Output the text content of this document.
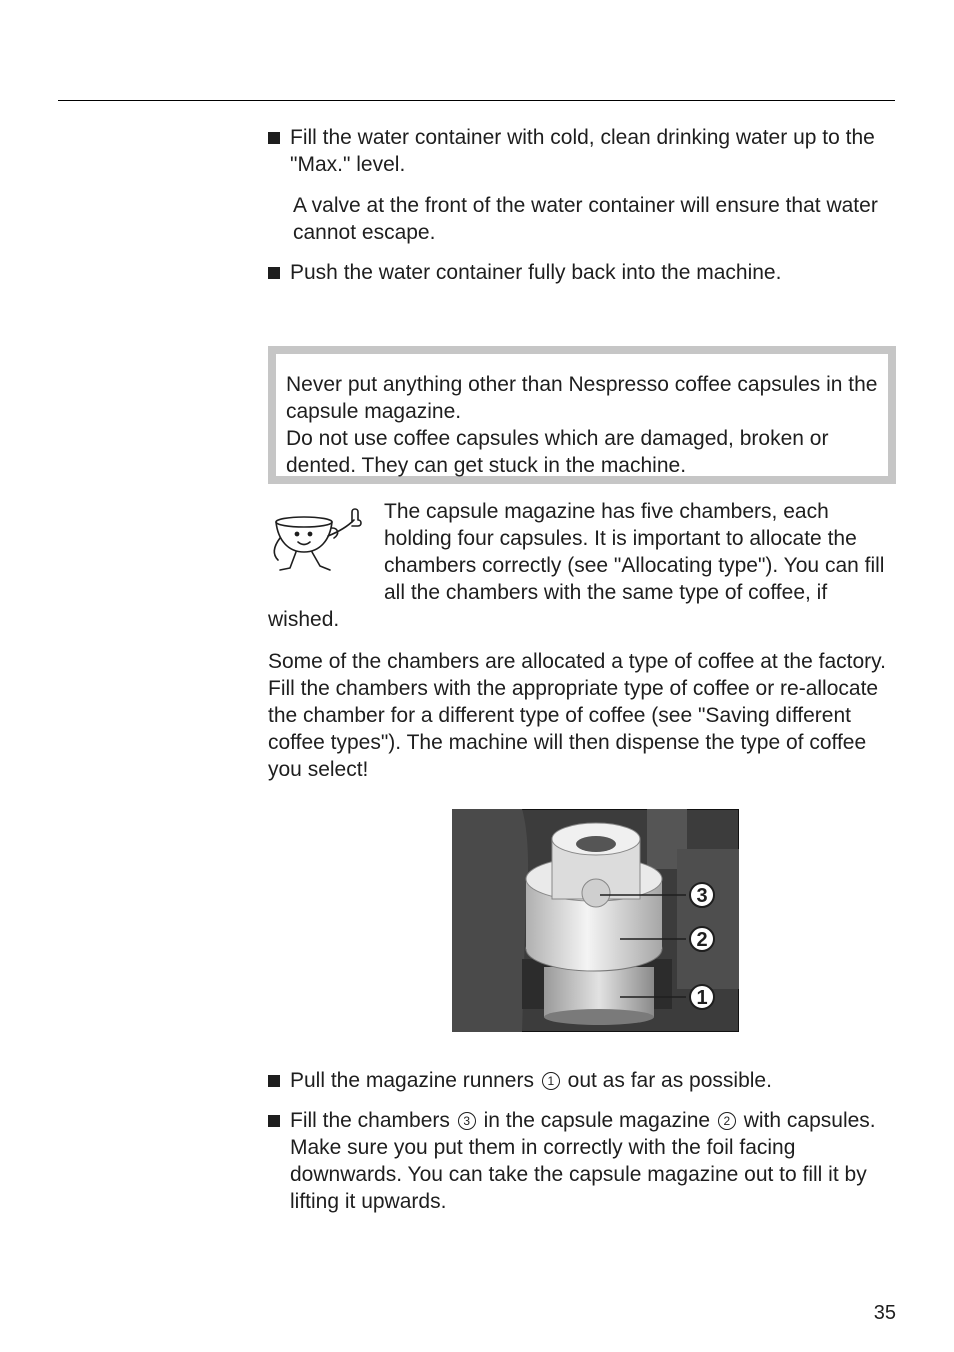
Fill the water container with cold, clean drinking water up to the "Max." level.
A valve at the front of the water container will ensure that water cannot escape.
Push the water container fully back into the machine.

Never put anything other than Nespresso coffee capsules in the capsule magazine.

Do not use coffee capsules which are damaged, broken or dented. They can get stuck in the machine.

The capsule magazine has five chambers, each holding four capsules. It is important to allocate the chambers correctly (see "Allocating type"). You can fill all the chambers with the same type of coffee, if wished.

Some of the chambers are allocated a type of coffee at the factory. Fill the chambers with the appropriate type of coffee or re-allocate the chamber for a different type of coffee (see "Saving different coffee types"). The machine will then dispense the type of coffee you select!
3
2
1
Pull the magazine runners 1 out as far as possible.
Fill the chambers 3 in the capsule magazine 2 with capsules. Make sure you put them in correctly with the foil facing downwards. You can take the capsule magazine out to fill it by lifting it upwards.
35
